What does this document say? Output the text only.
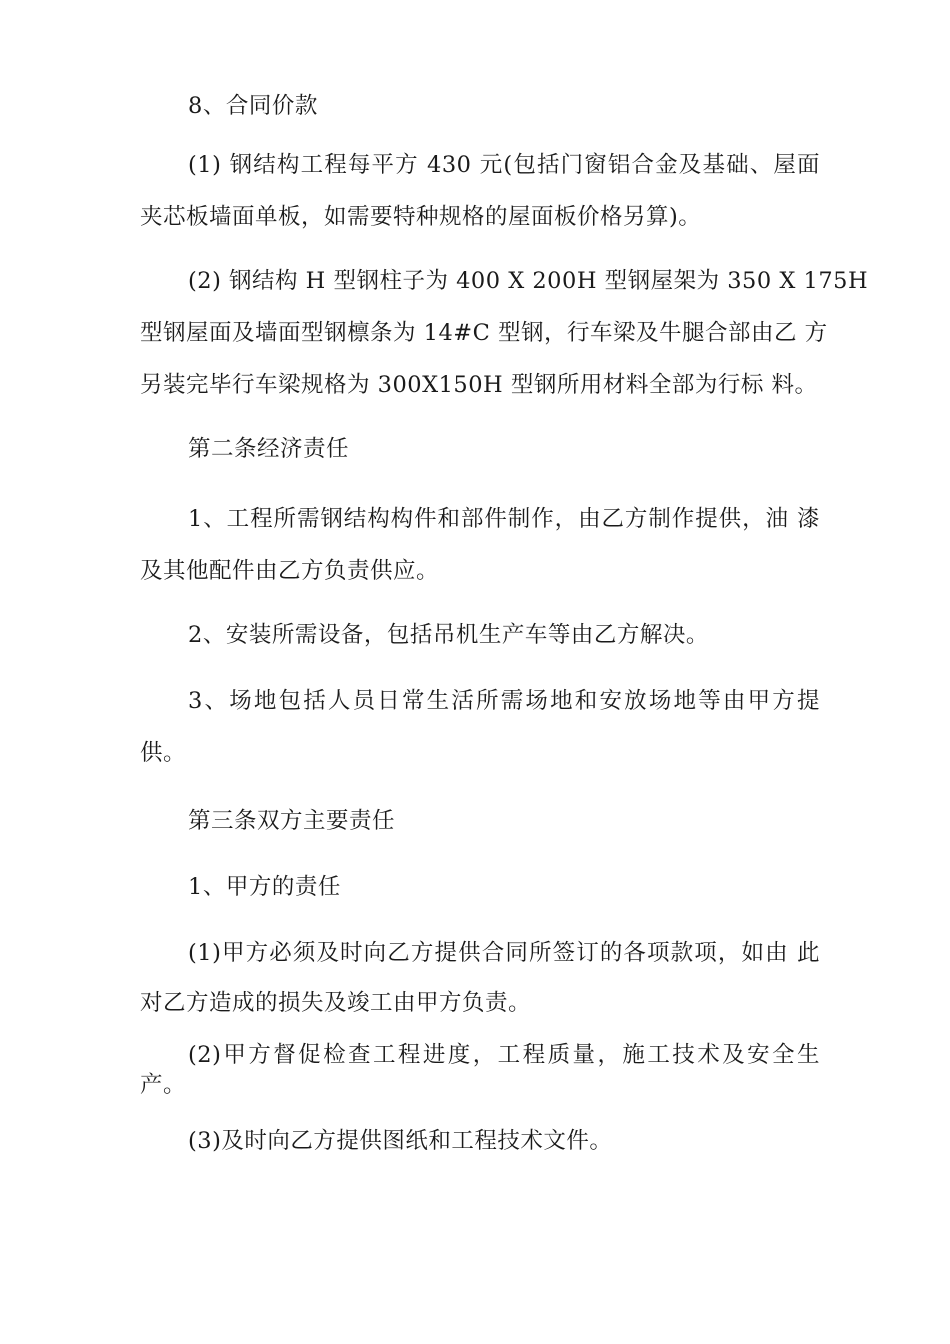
8、合同价款
(1) 钢结构工程每平方 430 元(包括门窗铝合金及基础、屋面
夹芯板墙面单板，如需要特种规格的屋面板价格另算)。
(2) 钢结构 H 型钢柱子为 400 X 200H 型钢屋架为 350 X 175H
型钢屋面及墙面型钢檩条为 14#C 型钢，行车梁及牛腿合部由乙 方
另装完毕行车梁规格为 300X150H 型钢所用材料全部为行标 料。
第二条经济责任
1、工程所需钢结构构件和部件制作，由乙方制作提供，油 漆
及其他配件由乙方负责供应。
2、安装所需设备，包括吊机生产车等由乙方解决。
3、场地包括人员日常生活所需场地和安放场地等由甲方提
供。
第三条双方主要责任
1、甲方的责任
(1)甲方必须及时向乙方提供合同所签订的各项款项，如由 此
对乙方造成的损失及竣工由甲方负责。
(2)甲方督促检查工程进度，工程质量，施工技术及安全生
产。
(3)及时向乙方提供图纸和工程技术文件。
